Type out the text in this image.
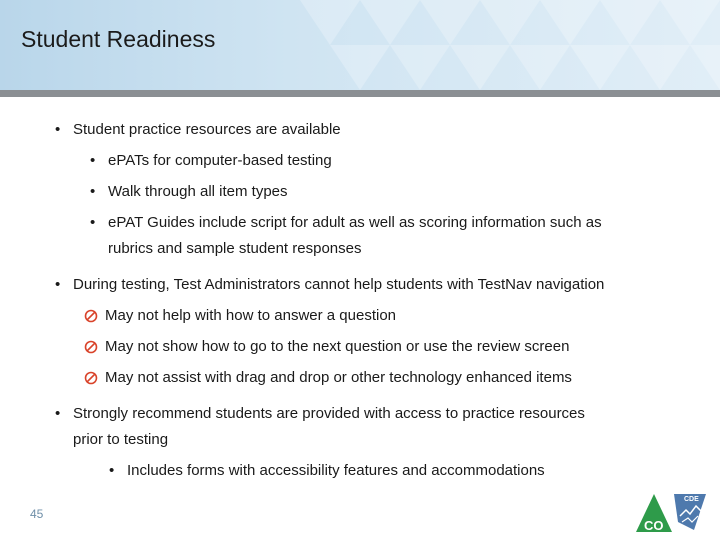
Student Readiness
• Student practice resources are available
• ePATs for computer-based testing
• Walk through all item types
• ePAT Guides include script for adult as well as scoring information such as
rubrics and sample student responses
• During testing, Test Administrators cannot help students with TestNav navigation
May not help with how to answer a question
May not show how to go to the next question or use the review screen
May not assist with drag and drop or other technology enhanced items
• Strongly recommend students are provided with access to practice resources
prior to testing
• Includes forms with accessibility features and accommodations
45
CDE
CO
